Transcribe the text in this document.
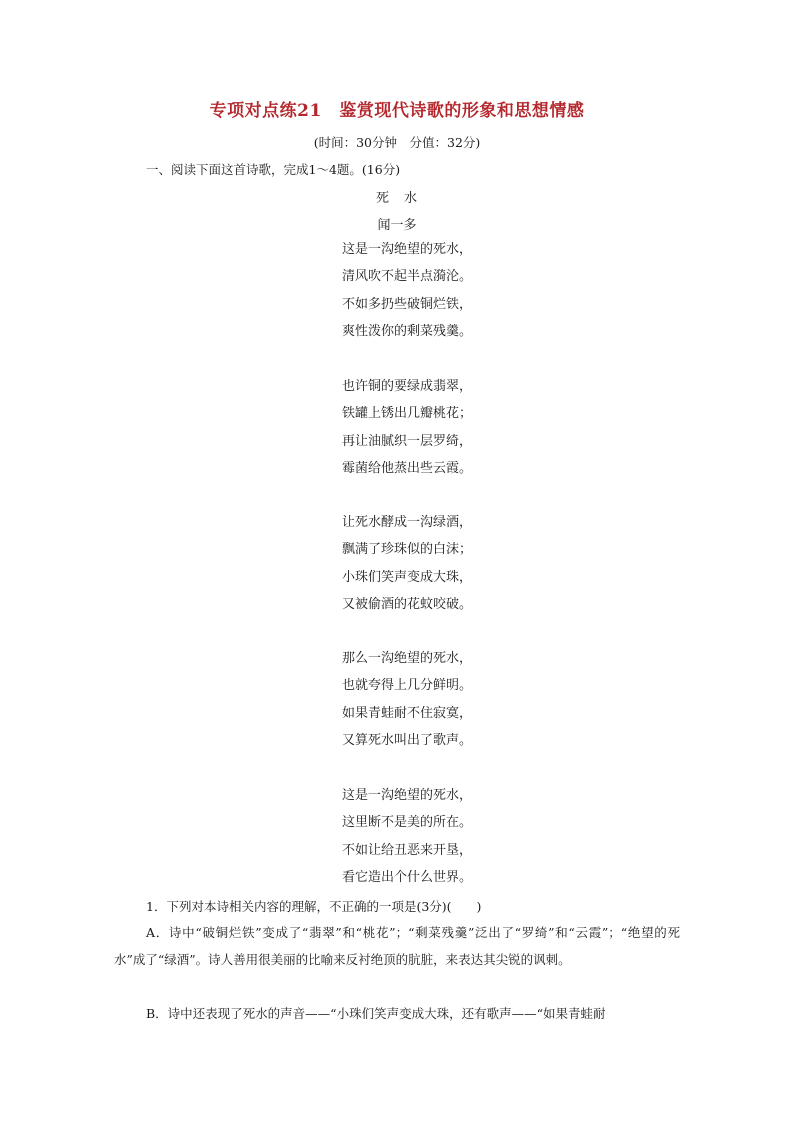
专项对点练21　鉴赏现代诗歌的形象和思想情感
(时间：30分钟　分值：32分)
一、阅读下面这首诗歌，完成1～4题。(16分)
死　水
闻一多
这是一沟绝望的死水，
清风吹不起半点漪沦。
不如多扔些破铜烂铁，
爽性泼你的剩菜残羹。
也许铜的要绿成翡翠，
铁罐上锈出几瓣桃花；
再让油腻织一层罗绮，
霉菌给他蒸出些云霞。
让死水酵成一沟绿酒，
飘满了珍珠似的白沫；
小珠们笑声变成大珠，
又被偷酒的花蚊咬破。
那么一沟绝望的死水，
也就夸得上几分鲜明。
如果青蛙耐不住寂寞，
又算死水叫出了歌声。
这是一沟绝望的死水，
这里断不是美的所在。
不如让给丑恶来开垦，
看它造出个什么世界。
1．下列对本诗相关内容的理解，不正确的一项是(3分)(　　)
A．诗中“破铜烂铁”变成了“翡翠”和“桃花”；“剩菜残羹”泛出了“罗绮”和“云霞”；“绝望的死水”成了“绿酒”。诗人善用很美丽的比喻来反衬绝顶的肮脏，来表达其尖锐的讽刺。
B．诗中还表现了死水的声音——“小珠们笑声变成大珠，还有歌声——“如果青蛙耐
